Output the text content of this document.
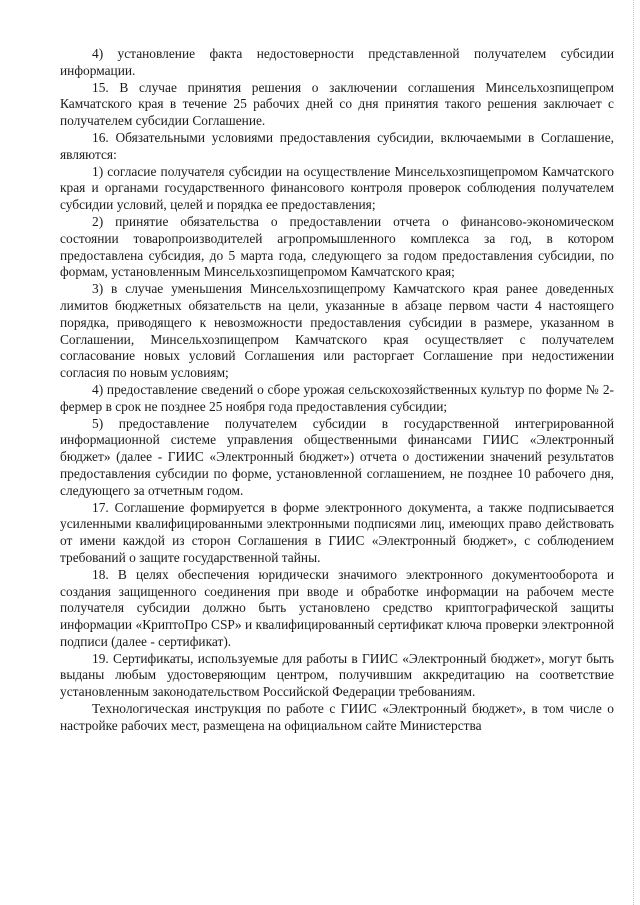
4) установление факта недостоверности представленной получателем субсидии информации.

15. В случае принятия решения о заключении соглашения Минсельхозпищепром Камчатского края в течение 25 рабочих дней со дня принятия такого решения заключает с получателем субсидии Соглашение.

16. Обязательными условиями предоставления субсидии, включаемыми в Соглашение, являются:

1) согласие получателя субсидии на осуществление Минсельхозпищепромом Камчатского края и органами государственного финансового контроля проверок соблюдения получателем субсидии условий, целей и порядка ее предоставления;

2) принятие обязательства о предоставлении отчета о финансово-экономическом состоянии товаропроизводителей агропромышленного комплекса за год, в котором предоставлена субсидия, до 5 марта года, следующего за годом предоставления субсидии, по формам, установленным Минсельхозпищепромом Камчатского края;

3) в случае уменьшения Минсельхозпищепрому Камчатского края ранее доведенных лимитов бюджетных обязательств на цели, указанные в абзаце первом части 4 настоящего порядка, приводящего к невозможности предоставления субсидии в размере, указанном в Соглашении, Минсельхозпищепром Камчатского края осуществляет с получателем согласование новых условий Соглашения или расторгает Соглашение при недостижении согласия по новым условиям;

4) предоставление сведений о сборе урожая сельскохозяйственных культур по форме № 2-фермер в срок не позднее 25 ноября года предоставления субсидии;

5) предоставление получателем субсидии в государственной интегрированной информационной системе управления общественными финансами ГИИС «Электронный бюджет» (далее - ГИИС «Электронный бюджет») отчета о достижении значений результатов предоставления субсидии по форме, установленной соглашением, не позднее 10 рабочего дня, следующего за отчетным годом.

17. Соглашение формируется в форме электронного документа, а также подписывается усиленными квалифицированными электронными подписями лиц, имеющих право действовать от имени каждой из сторон Соглашения в ГИИС «Электронный бюджет», с соблюдением требований о защите государственной тайны.

18. В целях обеспечения юридически значимого электронного документооборота и создания защищенного соединения при вводе и обработке информации на рабочем месте получателя субсидии должно быть установлено средство криптографической защиты информации «КриптоПро CSP» и квалифицированный сертификат ключа проверки электронной подписи (далее - сертификат).

19. Сертификаты, используемые для работы в ГИИС «Электронный бюджет», могут быть выданы любым удостоверяющим центром, получившим аккредитацию на соответствие установленным законодательством Российской Федерации требованиям.

Технологическая инструкция по работе с ГИИС «Электронный бюджет», в том числе о настройке рабочих мест, размещена на официальном сайте Министерства
